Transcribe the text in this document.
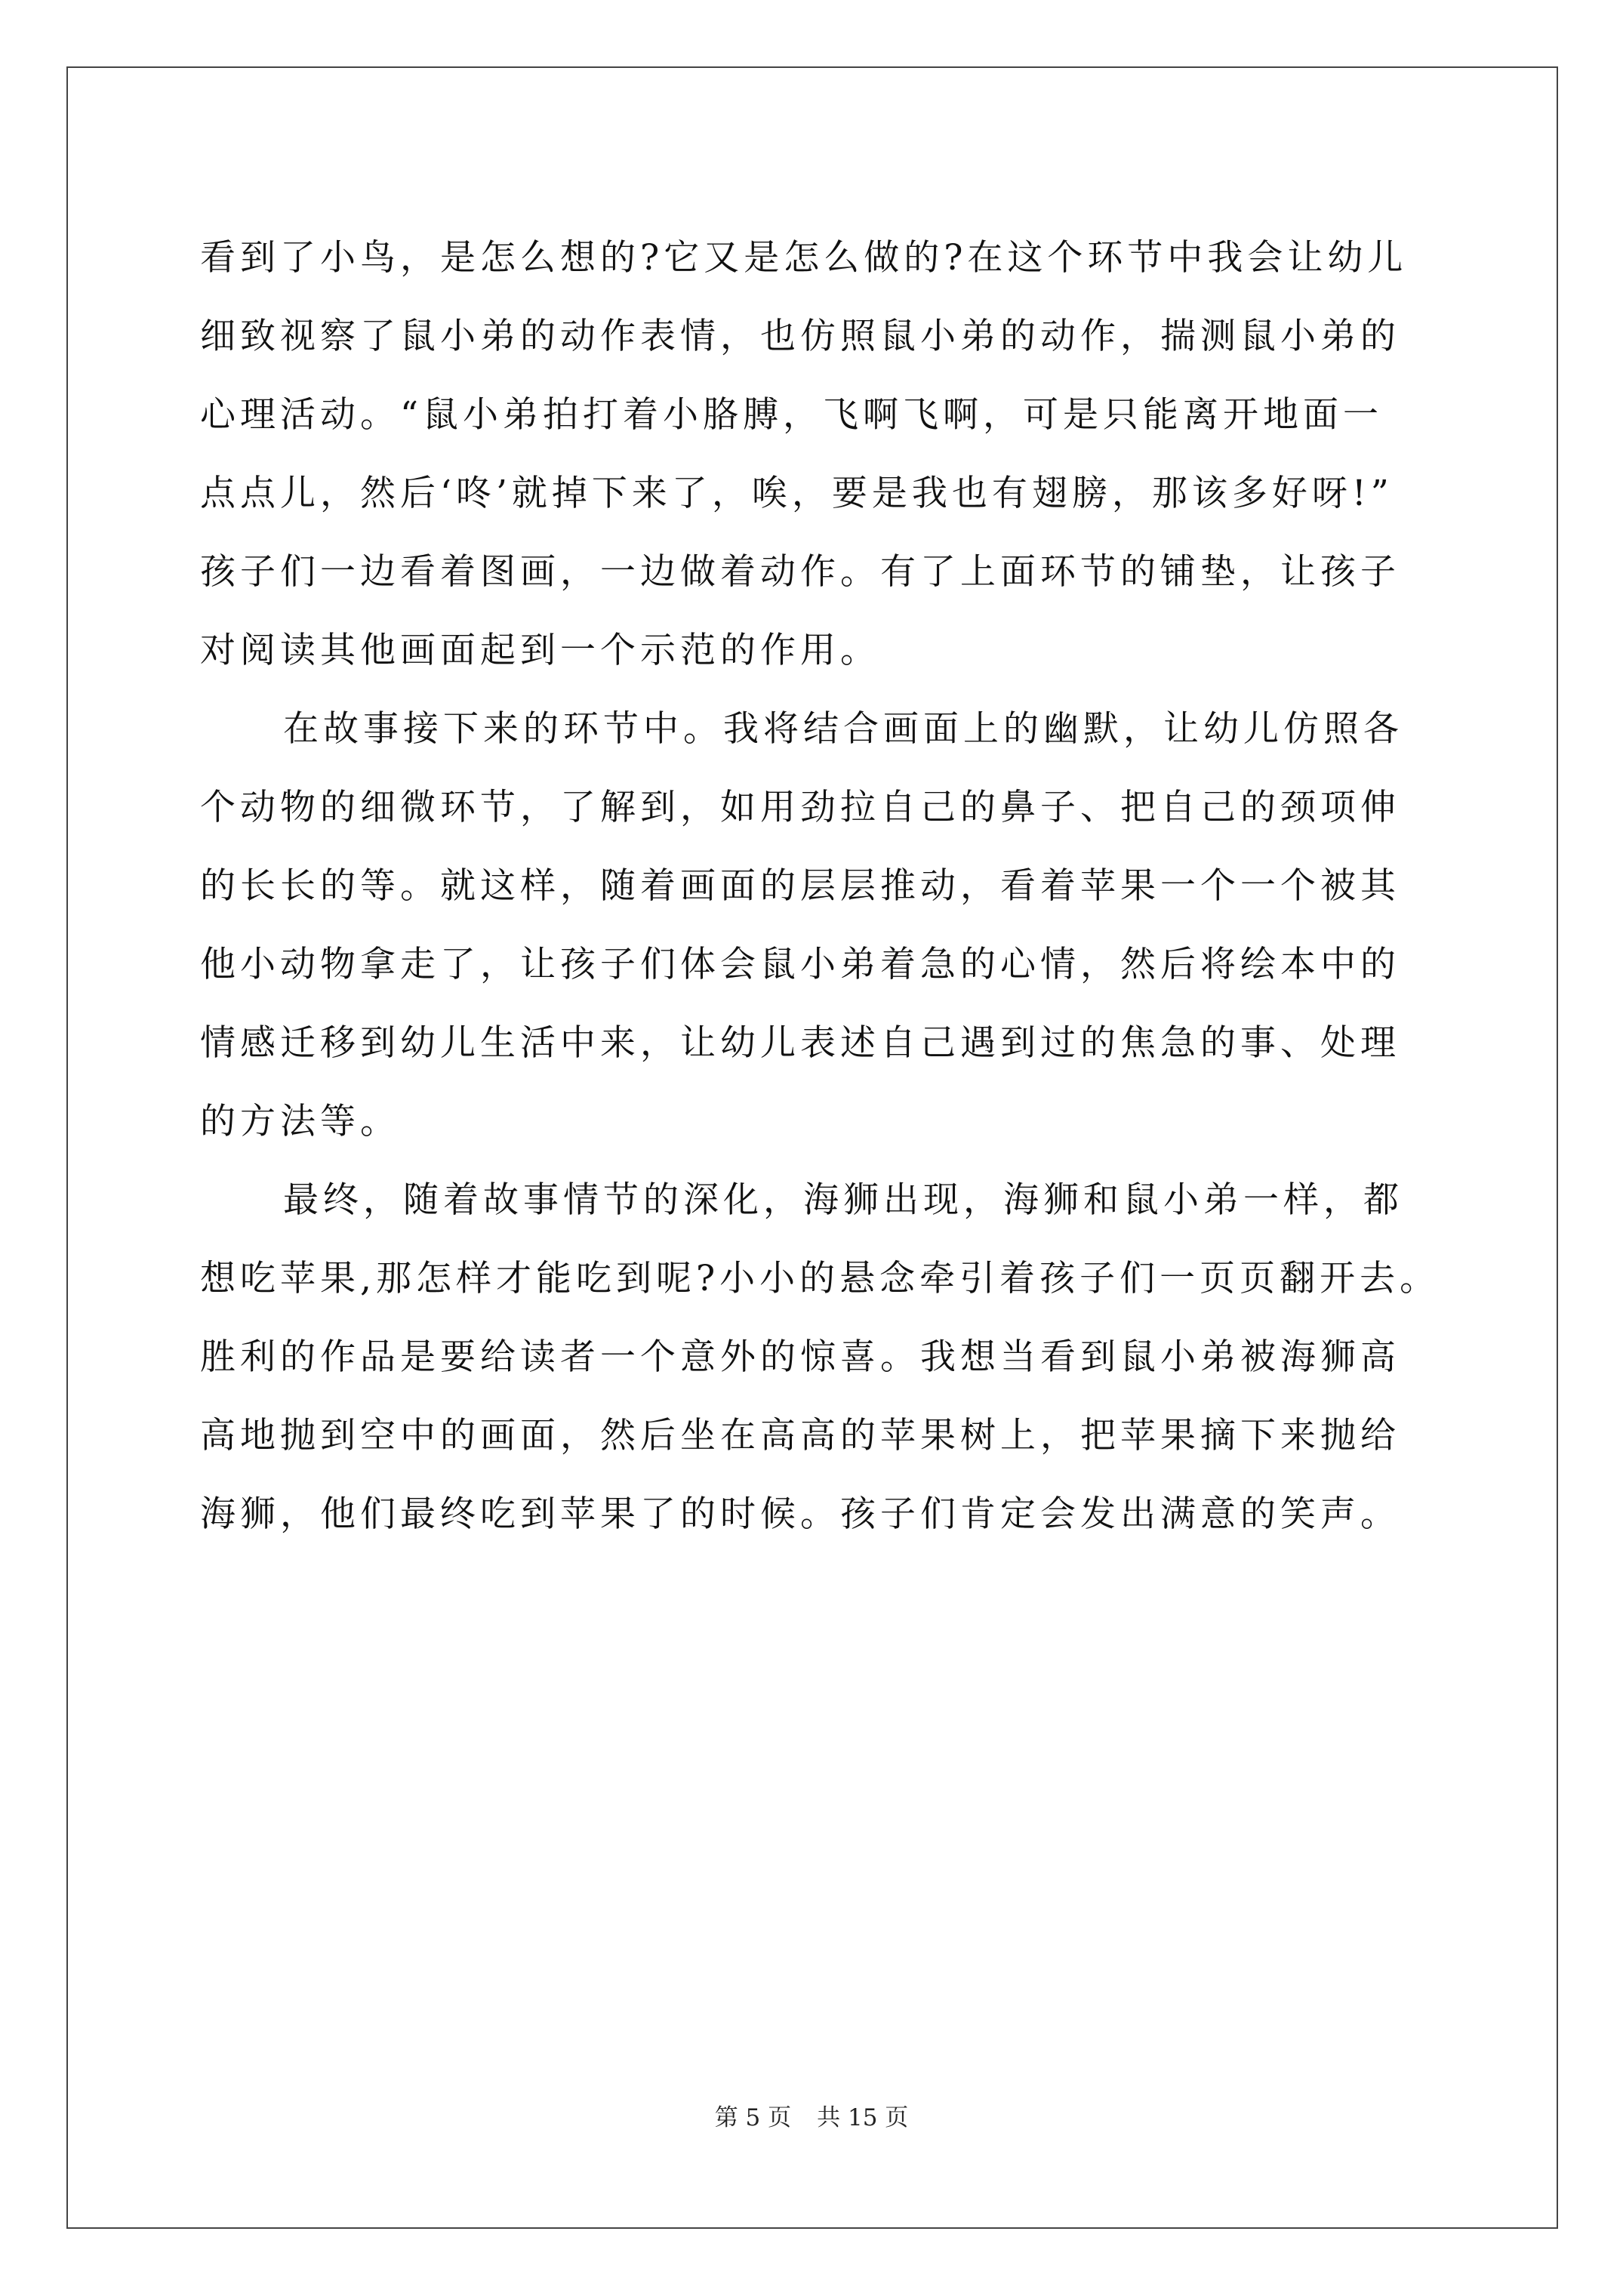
看到了小鸟，是怎么想的?它又是怎么做的?在这个环节中我会让幼儿
细致视察了鼠小弟的动作表情，也仿照鼠小弟的动作，揣测鼠小弟的
心理活动。“鼠小弟拍打着小胳膊，飞啊飞啊，可是只能离开地面一
点点儿，然后‘咚’就掉下来了，唉，要是我也有翅膀，那该多好呀!”
孩子们一边看着图画，一边做着动作。有了上面环节的铺垫，让孩子
对阅读其他画面起到一个示范的作用。
在故事接下来的环节中。我将结合画面上的幽默，让幼儿仿照各
个动物的细微环节，了解到，如用劲拉自己的鼻子、把自己的颈项伸
的长长的等。就这样，随着画面的层层推动，看着苹果一个一个被其
他小动物拿走了，让孩子们体会鼠小弟着急的心情，然后将绘本中的
情感迁移到幼儿生活中来，让幼儿表述自己遇到过的焦急的事、处理
的方法等。
最终，随着故事情节的深化，海狮出现，海狮和鼠小弟一样，都
想吃苹果,那怎样才能吃到呢?小小的悬念牵引着孩子们一页页翻开去。
胜利的作品是要给读者一个意外的惊喜。我想当看到鼠小弟被海狮高
高地抛到空中的画面，然后坐在高高的苹果树上，把苹果摘下来抛给
海狮，他们最终吃到苹果了的时候。孩子们肯定会发出满意的笑声。
第 5 页 共 15 页
